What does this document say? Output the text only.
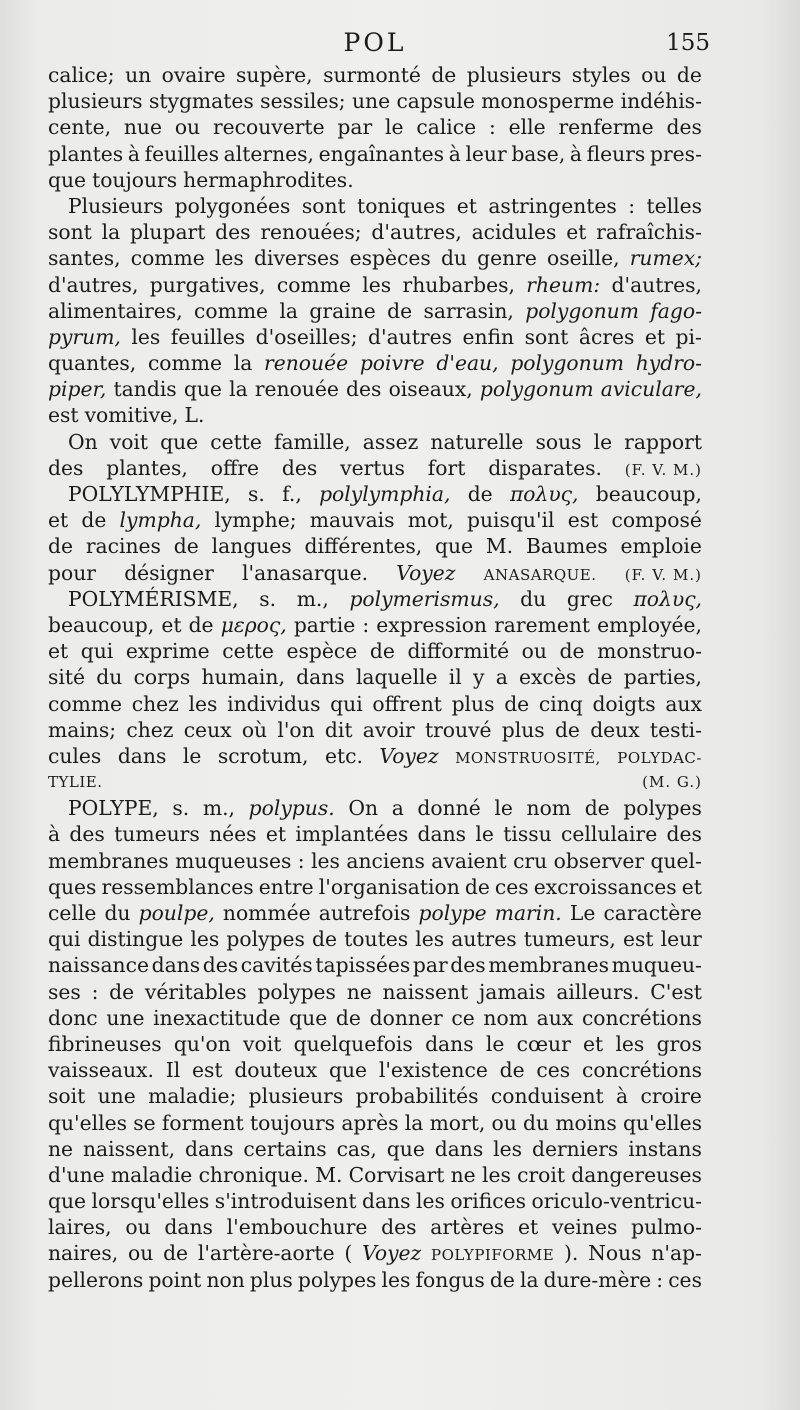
POL	155
calice; un ovaire supère, surmonté de plusieurs styles ou de
plusieurs stygmates sessiles; une capsule monosperme indéhis-
cente, nue ou recouverte par le calice : elle renferme des
plantes à feuilles alternes, engaînantes à leur base, à fleurs pres-
que toujours hermaphrodites.
Plusieurs polygonées sont toniques et astringentes : telles
sont la plupart des renouées; d'autres, acidules et rafraîchis-
santes, comme les diverses espèces du genre oseille, rumex;
d'autres, purgatives, comme les rhubarbes, rheum: d'autres,
alimentaires, comme la graine de sarrasin, polygonum fago-
pyrum, les feuilles d'oseilles; d'autres enfin sont âcres et pi-
quantes, comme la renouée poivre d'eau, polygonum hydro-
piper, tandis que la renouée des oiseaux, polygonum aviculare,
est vomitive, L.
On voit que cette famille, assez naturelle sous le rapport
des plantes, offre des vertus fort disparates. (F. V. M.)
POLYLYMPHIE, s. f., polylymphia, de πολυς, beaucoup,
et de lympha, lymphe; mauvais mot, puisqu'il est composé
de racines de langues différentes, que M. Baumes emploie
pour désigner l'anasarque. Voyez ANASARQUE. (F. V. M.)
POLYMÉRISME, s. m., polymerismus, du grec πολυς,
beaucoup, et de μερος, partie : expression rarement employée,
et qui exprime cette espèce de difformité ou de monstruo-
sité du corps humain, dans laquelle il y a excès de parties,
comme chez les individus qui offrent plus de cinq doigts aux
mains; chez ceux où l'on dit avoir trouvé plus de deux testi-
cules dans le scrotum, etc. Voyez MONSTRUOSITÉ, POLYDAC-
TYLIE.	(M. G.)
POLYPE, s. m., polypus. On a donné le nom de polypes
à des tumeurs nées et implantées dans le tissu cellulaire des
membranes muqueuses : les anciens avaient cru observer quel-
ques ressemblances entre l'organisation de ces excroissances et
celle du poulpe, nommée autrefois polype marin. Le caractère
qui distingue les polypes de toutes les autres tumeurs, est leur
naissance dans des cavités tapissées par des membranes muqueu-
ses : de véritables polypes ne naissent jamais ailleurs. C'est
donc une inexactitude que de donner ce nom aux concrétions
fibrineuses qu'on voit quelquefois dans le cœur et les gros
vaisseaux. Il est douteux que l'existence de ces concrétions
soit une maladie; plusieurs probabilités conduisent à croire
qu'elles se forment toujours après la mort, ou du moins qu'elles
ne naissent, dans certains cas, que dans les derniers instans
d'une maladie chronique. M. Corvisart ne les croit dangereuses
que lorsqu'elles s'introduisent dans les orifices oriculo-ventricu-
laires, ou dans l'embouchure des artères et veines pulmo-
naires, ou de l'artère-aorte ( Voyez POLYPIFORME ). Nous n'ap-
pellerons point non plus polypes les fongus de la dure-mère : ces
